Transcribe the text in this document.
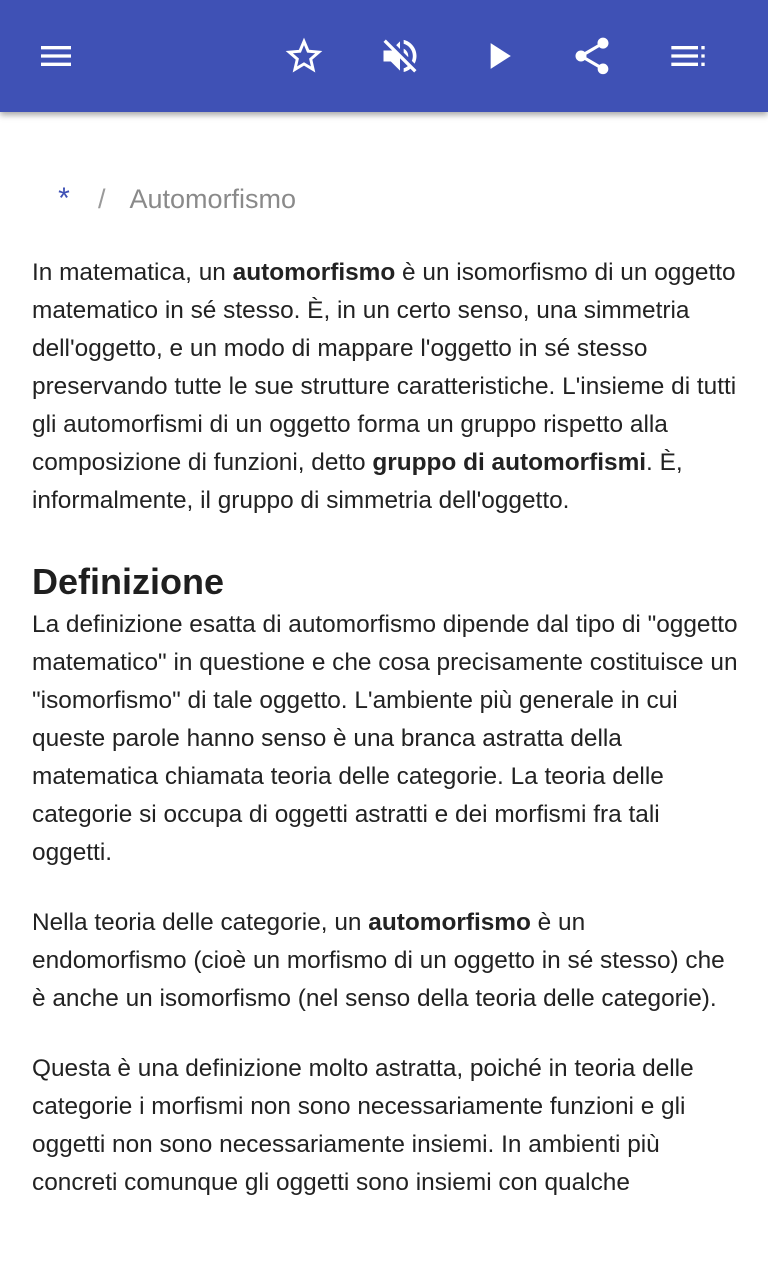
* / Automorfismo

In matematica, un automorfismo è un isomorfismo di un oggetto matematico in sé stesso. È, in un certo senso, una simmetria dell'oggetto, e un modo di mappare l'oggetto in sé stesso preservando tutte le sue strutture caratteristiche. L'insieme di tutti gli automorfismi di un oggetto forma un gruppo rispetto alla composizione di funzioni, detto gruppo di automorfismi. È, informalmente, il gruppo di simmetria dell'oggetto.

Definizione

La definizione esatta di automorfismo dipende dal tipo di "oggetto matematico" in questione e che cosa precisamente costituisce un "isomorfismo" di tale oggetto. L'ambiente più generale in cui queste parole hanno senso è una branca astratta della matematica chiamata teoria delle categorie. La teoria delle categorie si occupa di oggetti astratti e dei morfismi fra tali oggetti.

Nella teoria delle categorie, un automorfismo è un endomorfismo (cioè un morfismo di un oggetto in sé stesso) che è anche un isomorfismo (nel senso della teoria delle categorie).

Questa è una definizione molto astratta, poiché in teoria delle categorie i morfismi non sono necessariamente funzioni e gli oggetti non sono necessariamente insiemi. In ambienti più concreti comunque gli oggetti sono insiemi con qualche
